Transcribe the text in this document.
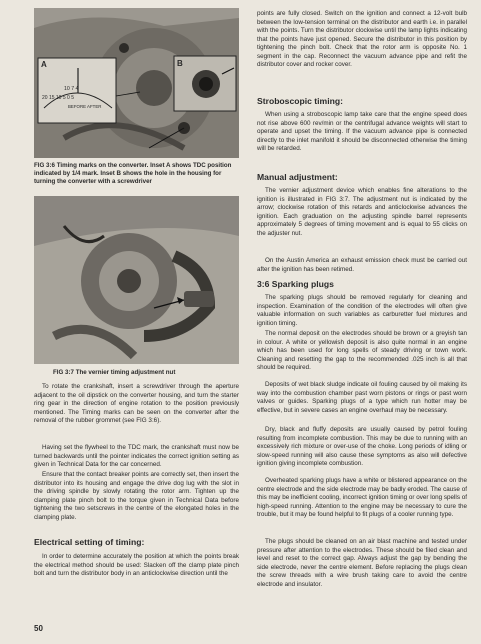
A	B
10 7 4
20 15 10 5 0 5
BEFORE AFTER
FIG 3:6 Timing marks on the converter. Inset A shows TDC position indicated by 1/4 mark. Inset B shows the hole in the housing for turning the converter with a screwdriver
FIG 3:7 The vernier timing adjustment nut

To rotate the crankshaft, insert a screwdriver through the aperture adjacent to the oil dipstick on the converter housing, and turn the starter ring gear in the direction of engine rotation to the position previously mentioned. The Timing marks can be seen on the converter after the removal of the rubber grommet (see FIG 3:6).

Having set the flywheel to the TDC mark, the crankshaft must now be turned backwards until the pointer indicates the correct ignition setting as given in Technical Data for the car concerned.

Ensure that the contact breaker points are correctly set, then insert the distributor into its housing and engage the drive dog lug with the slot in the driving spindle by slowly rotating the rotor arm. Tighten up the clamping plate pinch bolt to the torque given in Technical Data before tightening the two setscrews in the centre of the elongated holes in the clamping plate.

Electrical setting of timing:

In order to determine accurately the position at which the points break the electrical method should be used: Slacken off the clamp plate pinch bolt and turn the distributor body in an anticlockwise direction until the

50

points are fully closed. Switch on the ignition and connect a 12-volt bulb between the low-tension terminal on the distributor and earth i.e. in parallel with the points. Turn the distributor clockwise until the lamp lights indicating that the points have just opened. Secure the distributor in this position by tightening the pinch bolt. Check that the rotor arm is opposite No. 1 segment in the cap. Reconnect the vacuum advance pipe and refit the distributor cover and rocker cover.

Stroboscopic timing:

When using a stroboscopic lamp take care that the engine speed does not rise above 600 rev/min or the centrifugal advance weights will start to operate and upset the timing. If the vacuum advance pipe is connected directly to the inlet manifold it should be disconnected otherwise the timing will be retarded.

Manual adjustment:

The vernier adjustment device which enables fine alterations to the ignition is illustrated in FIG 3:7. The adjustment nut is indicated by the arrow; clockwise rotation of this retards and anticlockwise advances the ignition. Each graduation on the adjusting spindle barrel represents approximately 5 degrees of timing movement and is equal to 55 clicks on the adjuster nut.

On the Austin America an exhaust emission check must be carried out after the ignition has been retimed.

3:6 Sparking plugs

The sparking plugs should be removed regularly for cleaning and inspection. Examination of the condition of the electrodes will often give valuable information on such variables as carburetter fuel mixtures and ignition timing.

The normal deposit on the electrodes should be brown or a greyish tan in colour. A white or yellowish deposit is also quite normal in an engine which has been used for long spells of steady driving or town work. Cleaning and resetting the gap to the recommended .025 inch is all that should be required.

Deposits of wet black sludge indicate oil fouling caused by oil making its way into the combustion chamber past worn pistons or rings or past worn valves or guides. Sparking plugs of a type which run hotter may be effective, but in severe cases an engine overhaul may be necessary.

Dry, black and fluffy deposits are usually caused by petrol fouling resulting from incomplete combustion. This may be due to running with an excessively rich mixture or over-use of the choke. Long periods of idling or slow-speed running will also cause these symptoms as also will defective ignition giving incomplete combustion.

Overheated sparking plugs have a white or blistered appearance on the centre electrode and the side electrode may be badly eroded. The cause of this may be inefficient cooling, incorrect ignition timing or over long spells of high-speed running. Attention to the engine may be necessary to cure the trouble, but it may be found helpful to fit plugs of a cooler running type.

The plugs should be cleaned on an air blast machine and tested under pressure after attention to the electrodes. These should be filed clean and level and reset to the correct gap. Always adjust the gap by bending the side electrode, never the centre element. Before replacing the plugs clean the screw threads with a wire brush taking care to avoid the centre electrode and insulator.
